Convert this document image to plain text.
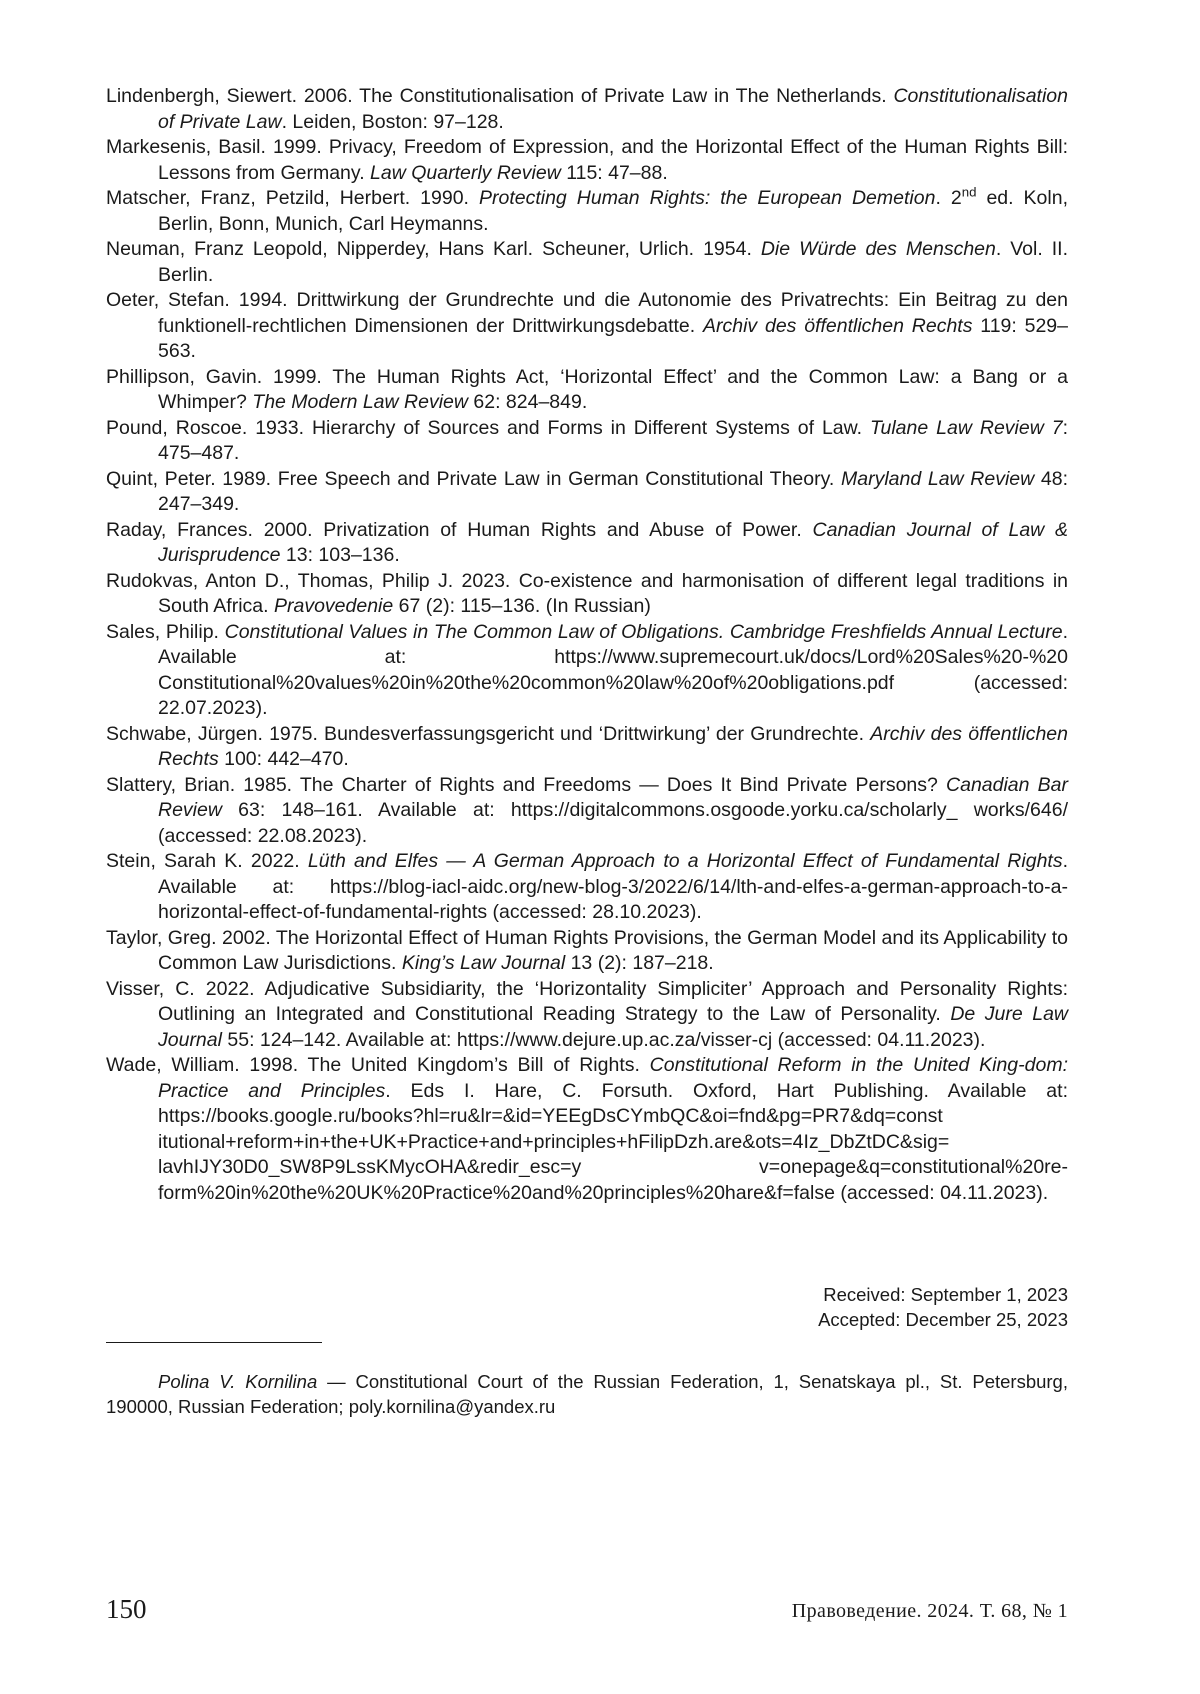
Lindenbergh, Siewert. 2006. The Constitutionalisation of Private Law in The Netherlands. Constitutionalisation of Private Law. Leiden, Boston: 97–128.

Markesenis, Basil. 1999. Privacy, Freedom of Expression, and the Horizontal Effect of the Human Rights Bill: Lessons from Germany. Law Quarterly Review 115: 47–88.

Matscher, Franz, Petzild, Herbert. 1990. Protecting Human Rights: the European Demetion. 2nd ed. Koln, Berlin, Bonn, Munich, Carl Heymanns.

Neuman, Franz Leopold, Nipperdey, Hans Karl. Scheuner, Urlich. 1954. Die Würde des Menschen. Vol. II. Berlin.

Oeter, Stefan. 1994. Drittwirkung der Grundrechte und die Autonomie des Privatrechts: Ein Beitrag zu den funktionell-rechtlichen Dimensionen der Drittwirkungsdebatte. Archiv des öffentlichen Rechts 119: 529–563.

Phillipson, Gavin. 1999. The Human Rights Act, ‘Horizontal Effect’ and the Common Law: a Bang or a Whimper? The Modern Law Review 62: 824–849.

Pound, Roscoe. 1933. Hierarchy of Sources and Forms in Different Systems of Law. Tulane Law Review 7: 475–487.

Quint, Peter. 1989. Free Speech and Private Law in German Constitutional Theory. Maryland Law Review 48: 247–349.

Raday, Frances. 2000. Privatization of Human Rights and Abuse of Power. Canadian Journal of Law & Jurisprudence 13: 103–136.

Rudokvas, Anton D., Thomas, Philip J. 2023. Co-existence and harmonisation of different legal traditions in South Africa. Pravovedenie 67 (2): 115–136. (In Russian)

Sales, Philip. Constitutional Values in The Common Law of Obligations. Cambridge Freshfields Annual Lecture. Available at: https://www.supremecourt.uk/docs/Lord%20Sales%20-%20 Constitutional%20values%20in%20the%20common%20law%20of%20obligations.pdf (accessed: 22.07.2023).

Schwabe, Jürgen. 1975. Bundesverfassungsgericht und ‘Drittwirkung’ der Grundrechte. Archiv des öffentlichen Rechts 100: 442–470.

Slattery, Brian. 1985. The Charter of Rights and Freedoms — Does It Bind Private Persons? Canadian Bar Review 63: 148–161. Available at: https://digitalcommons.osgoode.yorku.ca/scholarly_ works/646/ (accessed: 22.08.2023).

Stein, Sarah K. 2022. Lüth and Elfes — A German Approach to a Horizontal Effect of Fundamental Rights. Available at: https://blog-iacl-aidc.org/new-blog-3/2022/6/14/lth-and-elfes-a-german-approach-to-a-horizontal-effect-of-fundamental-rights (accessed: 28.10.2023).

Taylor, Greg. 2002. The Horizontal Effect of Human Rights Provisions, the German Model and its Applicability to Common Law Jurisdictions. King’s Law Journal 13 (2): 187–218.

Visser, C. 2022. Adjudicative Subsidiarity, the ‘Horizontality Simpliciter’ Approach and Personality Rights: Outlining an Integrated and Constitutional Reading Strategy to the Law of Personality. De Jure Law Journal 55: 124–142. Available at: https://www.dejure.up.ac.za/visser-cj (accessed: 04.11.2023).

Wade, William. 1998. The United Kingdom’s Bill of Rights. Constitutional Reform in the United King-dom: Practice and Principles. Eds I. Hare, C. Forsuth. Oxford, Hart Publishing. Available at: https://books.google.ru/books?hl=ru&lr=&id=YEEgDsCYmbQC&oi=fnd&pg=PR7&dq=const itutional+reform+in+the+UK+Practice+and+principles+hFilipDzh.are&ots=4Iz_DbZtDC&sig= lavhIJY30D0_SW8P9LssKMycOHA&redir_esc=y v=onepage&q=constitutional%20re-form%20in%20the%20UK%20Practice%20and%20principles%20hare&f=false (accessed: 04.11.2023).

Received: September 1, 2023
Accepted: December 25, 2023

Polina V. Kornilina — Constitutional Court of the Russian Federation, 1, Senatskaya pl., St. Petersburg, 190000, Russian Federation; poly.kornilina@yandex.ru

150	Правоведение. 2024. Т. 68, № 1
